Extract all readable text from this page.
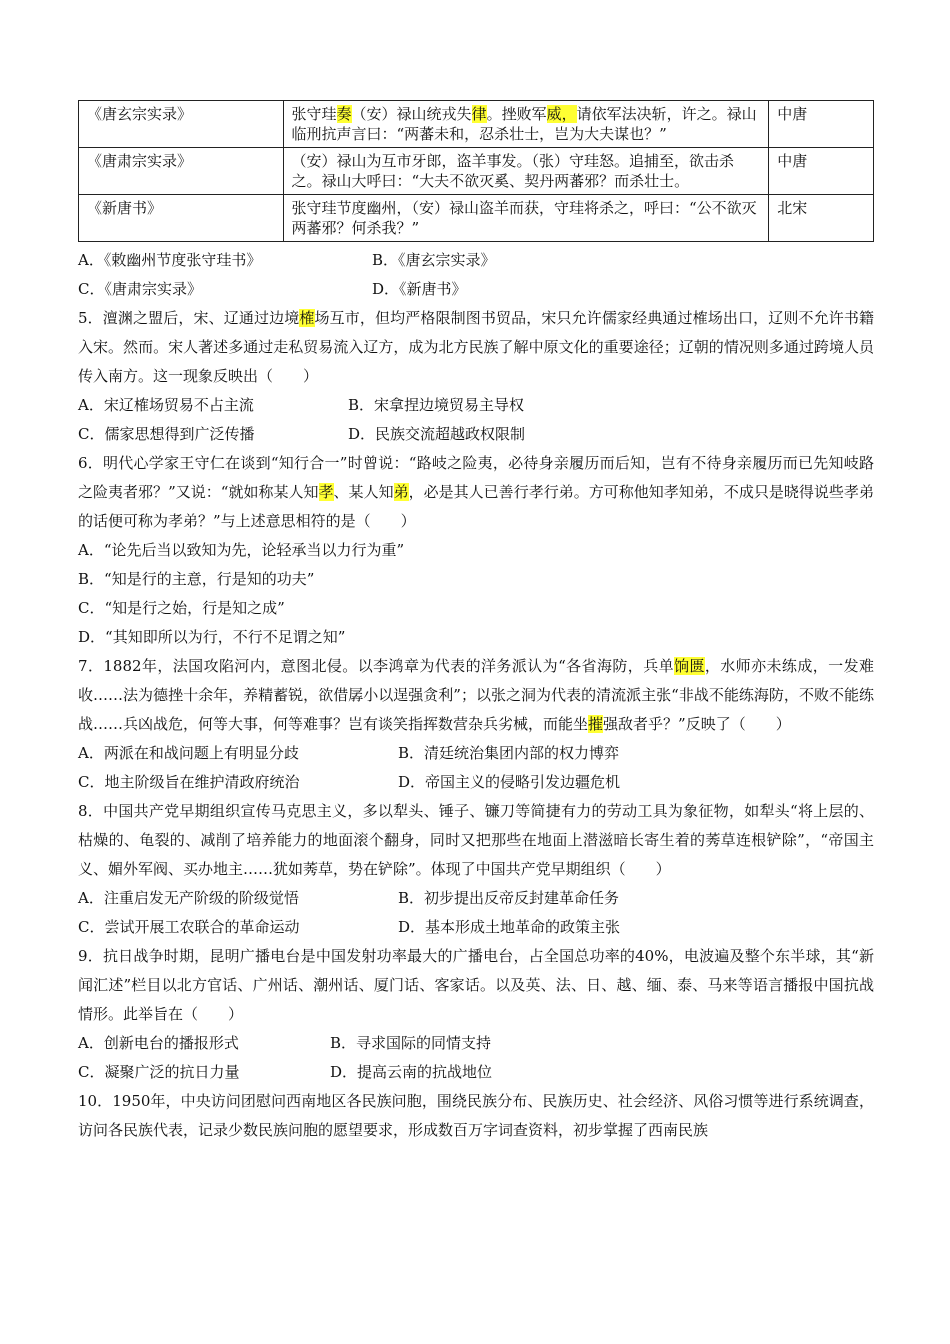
《唐玄宗实录》	张守珪奏（安）禄山统戎失律。挫败军威，请依军法决斩，许之。禄山临刑抗声言曰：“两蕃未和，忍杀壮士，岂为大夫谋也？”	中唐
《唐肃宗实录》	（安）禄山为互市牙郎，盗羊事发。（张）守珪怒。追捕至，欲击杀之。禄山大呼曰：“大夫不欲灭奚、契丹两蕃邪？而杀壮士。	中唐
《新唐书》	张守珪节度幽州，（安）禄山盗羊而获，守珪将杀之，呼曰：“公不欲灭两蕃邪？何杀我？”	北宋
A．《敕幽州节度张守珪书》	B．《唐玄宗实录》
C．《唐肃宗实录》	D．《新唐书》

5．澶渊之盟后，宋、辽通过边境榷场互市，但均严格限制图书贸品，宋只允许儒家经典通过榷场出口，辽则不允许书籍入宋。然而。宋人著述多通过走私贸易流入辽方，成为北方民族了解中原文化的重要途径；辽朝的情况则多通过跨境人员传入南方。这一现象反映出（　　）

A．宋辽榷场贸易不占主流	B．宋拿捏边境贸易主导权
C．儒家思想得到广泛传播	D．民族交流超越政权限制

6．明代心学家王守仁在谈到“知行合一”时曾说：“路岐之险夷，必待身亲履历而后知，岂有不待身亲履历而已先知岐路之险夷者邪？”又说：“就如称某人知孝、某人知弟，必是其人已善行孝行弟。方可称他知孝知弟，不成只是晓得说些孝弟的话便可称为孝弟？”与上述意思相符的是（　　）

A．“论先后当以致知为先，论轻承当以力行为重”
B．“知是行的主意，行是知的功夫”
C．“知是行之始，行是知之成”
D．“其知即所以为行，不行不足谓之知”

7．1882年，法国攻陷河内，意图北侵。以李鸿章为代表的洋务派认为“各省海防，兵单饷匮，水师亦未练成，一发难收……法为德挫十余年，养精蓄锐，欲借孱小以逞强贪利”；以张之洞为代表的清流派主张“非战不能练海防，不败不能练战……兵凶战危，何等大事，何等难事？岂有谈笑指挥数营杂兵劣械，而能坐摧强敌者乎？”反映了（　　）

A．两派在和战问题上有明显分歧	B．清廷统治集团内部的权力博弈
C．地主阶级旨在维护清政府统治	D．帝国主义的侵略引发边疆危机

8．中国共产党早期组织宣传马克思主义，多以犁头、锤子、镰刀等简捷有力的劳动工具为象征物，如犁头“将上层的、枯燥的、龟裂的、减削了培养能力的地面滚个翻身，同时又把那些在地面上潜滋暗长寄生着的莠草连根铲除”，“帝国主义、媚外军阀、买办地主……犹如莠草，势在铲除”。体现了中国共产党早期组织（　　）

A．注重启发无产阶级的阶级觉悟	B．初步提出反帝反封建革命任务
C．尝试开展工农联合的革命运动	D．基本形成土地革命的政策主张

9．抗日战争时期，昆明广播电台是中国发射功率最大的广播电台，占全国总功率的40%，电波遍及整个东半球，其“新闻汇述”栏目以北方官话、广州话、潮州话、厦门话、客家话。以及英、法、日、越、缅、泰、马来等语言播报中国抗战情形。此举旨在（　　）

A．创新电台的播报形式	B．寻求国际的同情支持
C．凝聚广泛的抗日力量	D．提高云南的抗战地位

10．1950年，中央访问团慰问西南地区各民族问胞，围绕民族分布、民族历史、社会经济、风俗习惯等进行系统调查，访问各民族代表，记录少数民族问胞的愿望要求，形成数百万字词查资料，初步掌握了西南民族
